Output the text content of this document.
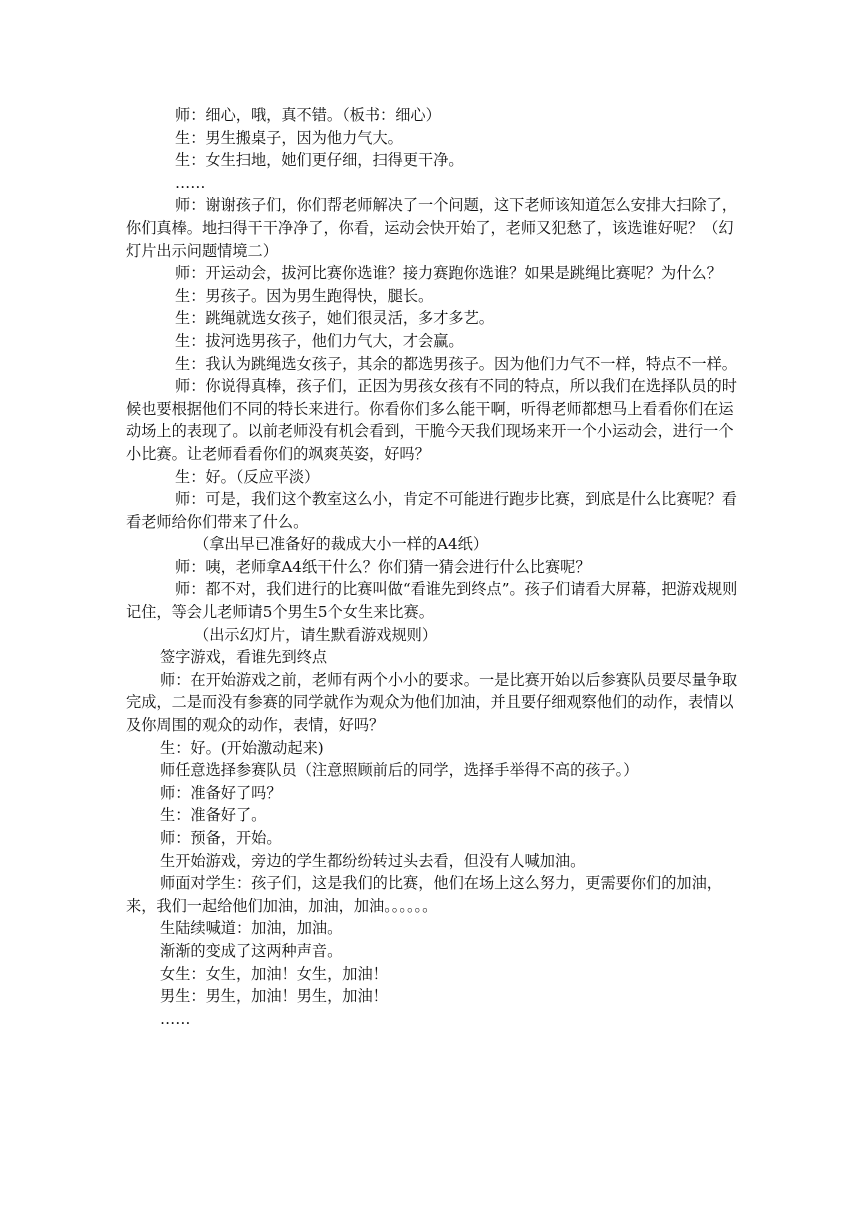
师：细心，哦，真不错。（板书：细心）

生：男生搬桌子，因为他力气大。

生：女生扫地，她们更仔细，扫得更干净。

……

师：谢谢孩子们，你们帮老师解决了一个问题，这下老师该知道怎么安排大扫除了，你们真棒。地扫得干干净净了，你看，运动会快开始了，老师又犯愁了，该选谁好呢？（幻灯片出示问题情境二）

师：开运动会，拔河比赛你选谁？接力赛跑你选谁？如果是跳绳比赛呢？为什么？

生：男孩子。因为男生跑得快，腿长。

生：跳绳就选女孩子，她们很灵活，多才多艺。

生：拔河选男孩子，他们力气大，才会赢。

生：我认为跳绳选女孩子，其余的都选男孩子。因为他们力气不一样，特点不一样。

师：你说得真棒，孩子们，正因为男孩女孩有不同的特点，所以我们在选择队员的时候也要根据他们不同的特长来进行。你看你们多么能干啊，听得老师都想马上看看你们在运动场上的表现了。以前老师没有机会看到，干脆今天我们现场来开一个小运动会，进行一个小比赛。让老师看看你们的飒爽英姿，好吗？

生：好。（反应平淡）

师：可是，我们这个教室这么小，肯定不可能进行跑步比赛，到底是什么比赛呢？看看老师给你们带来了什么。

（拿出早已准备好的裁成大小一样的A4纸）

师：咦，老师拿A4纸干什么？你们猜一猜会进行什么比赛呢？

师：都不对，我们进行的比赛叫做“看谁先到终点”。孩子们请看大屏幕，把游戏规则记住，等会儿老师请5个男生5个女生来比赛。

（出示幻灯片，请生默看游戏规则）

签字游戏，看谁先到终点

师：在开始游戏之前，老师有两个小小的要求。一是比赛开始以后参赛队员要尽量争取完成，二是而没有参赛的同学就作为观众为他们加油，并且要仔细观察他们的动作，表情以及你周围的观众的动作，表情，好吗？

生：好。(开始激动起来)

师任意选择参赛队员（注意照顾前后的同学，选择手举得不高的孩子。）

师：准备好了吗？

生：准备好了。

师：预备，开始。

生开始游戏，旁边的学生都纷纷转过头去看，但没有人喊加油。

师面对学生：孩子们，这是我们的比赛，他们在场上这么努力，更需要你们的加油，来，我们一起给他们加油，加油，加油。。。。。。

生陆续喊道：加油，加油。

渐渐的变成了这两种声音。

女生：女生，加油！女生，加油！

男生：男生，加油！男生，加油！

……
